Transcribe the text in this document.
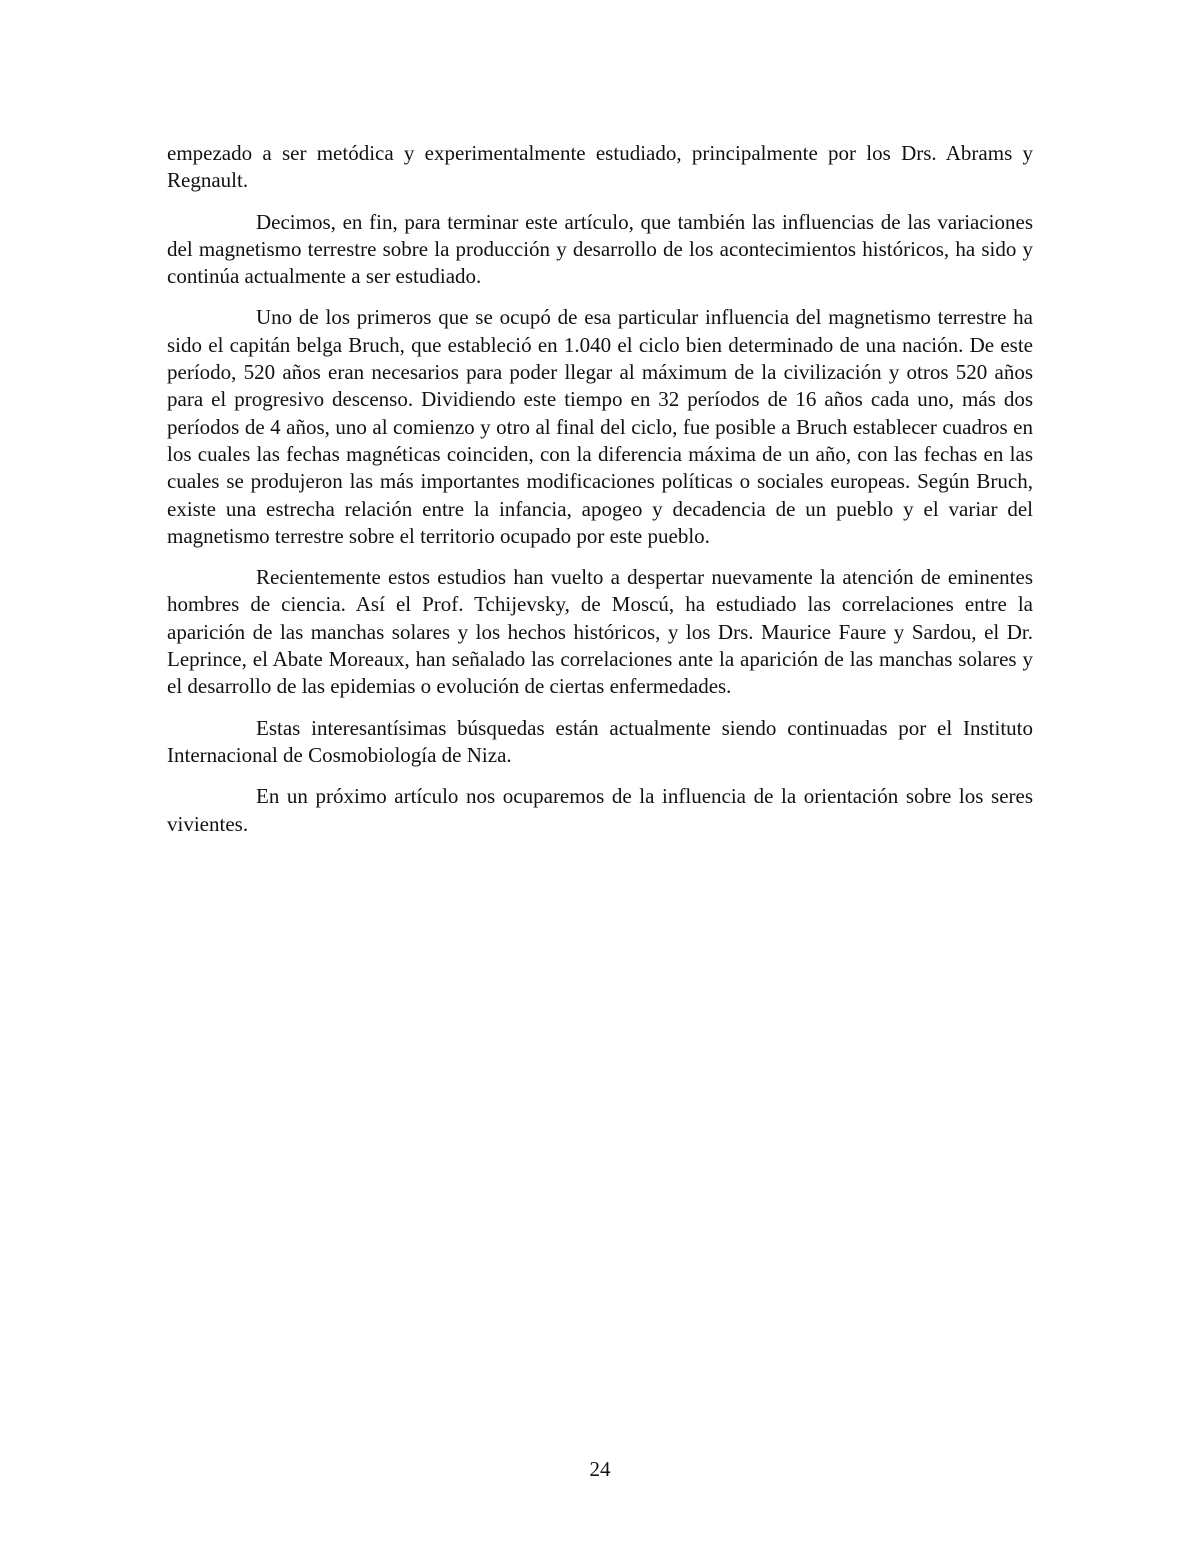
empezado a ser metódica y experimentalmente estudiado, principalmente por los Drs. Abrams y Regnault.

Decimos, en fin, para terminar este artículo, que también las influencias de las variaciones del magnetismo terrestre sobre la producción y desarrollo de los acontecimientos históricos, ha sido y continúa actualmente a ser estudiado.

Uno de los primeros que se ocupó de esa particular influencia del magnetismo terrestre ha sido el capitán belga Bruch, que estableció en 1.040 el ciclo bien determinado de una nación. De este período, 520 años eran necesarios para poder llegar al máximum de la civilización y otros 520 años para el progresivo descenso. Dividiendo este tiempo en 32 períodos de 16 años cada uno, más dos períodos de 4 años, uno al comienzo y otro al final del ciclo, fue posible a Bruch establecer cuadros en los cuales las fechas magnéticas coinciden, con la diferencia máxima de un año, con las fechas en las cuales se produjeron las más importantes modificaciones políticas o sociales europeas. Según Bruch, existe una estrecha relación entre la infancia, apogeo y decadencia de un pueblo y el variar del magnetismo terrestre sobre el territorio ocupado por este pueblo.

Recientemente estos estudios han vuelto a despertar nuevamente la atención de eminentes hombres de ciencia. Así el Prof. Tchijevsky, de Moscú, ha estudiado las correlaciones entre la aparición de las manchas solares y los hechos históricos, y los Drs. Maurice Faure y Sardou, el Dr. Leprince, el Abate Moreaux, han señalado las correlaciones ante la aparición de las manchas solares y el desarrollo de las epidemias o evolución de ciertas enfermedades.

Estas interesantísimas búsquedas están actualmente siendo continuadas por el Instituto Internacional de Cosmobiología de Niza.

En un próximo artículo nos ocuparemos de la influencia de la orientación sobre los seres vivientes.

24
